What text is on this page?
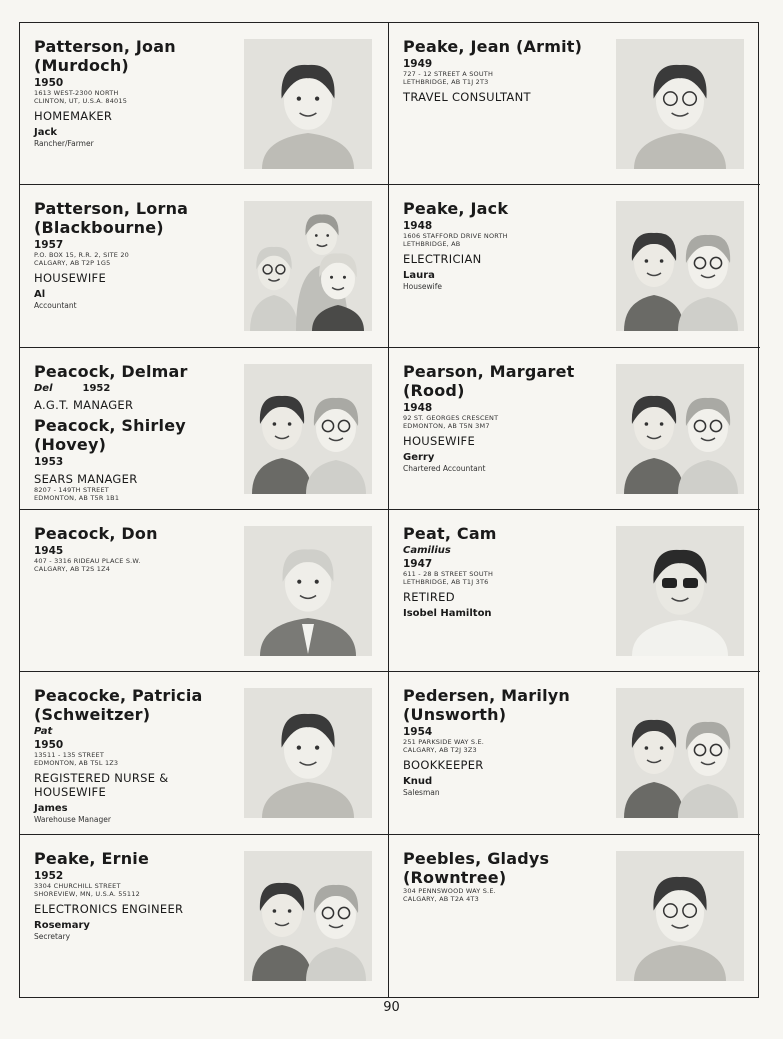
Patterson, Joan
(Murdoch)
1950
1613 WEST-2300 NORTH
CLINTON, UT, U.S.A. 84015
HOMEMAKER
Jack
Rancher/Farmer
Peake, Jean (Armit)
1949
727 - 12 STREET A SOUTH
LETHBRIDGE, AB T1J 2T3
TRAVEL CONSULTANT
Patterson, Lorna
(Blackbourne)
1957
P.O. BOX 15, R.R. 2, SITE 20
CALGARY, AB T2P 1G5
HOUSEWIFE
Al
Accountant
Peake, Jack
1948
1606 STAFFORD DRIVE NORTH
LETHBRIDGE, AB
ELECTRICIAN
Laura
Housewife
Peacock, Delmar
Del	1952
A.G.T. MANAGER
Peacock, Shirley
(Hovey)
1953
SEARS MANAGER
8207 - 149TH STREET
EDMONTON, AB T5R 1B1
Pearson, Margaret
(Rood)
1948
92 ST. GEORGES CRESCENT
EDMONTON, AB T5N 3M7
HOUSEWIFE
Gerry
Chartered Accountant
Peacock, Don
1945
407 - 3316 RIDEAU PLACE S.W.
CALGARY, AB T2S 1Z4
Peat, Cam
Camilius
1947
611 - 28 B STREET SOUTH
LETHBRIDGE, AB T1J 3T6
RETIRED
Isobel Hamilton
Peacocke, Patricia
(Schweitzer)
Pat
1950
13511 - 135 STREET
EDMONTON, AB T5L 1Z3
REGISTERED NURSE & HOUSEWIFE
James
Warehouse Manager
Pedersen, Marilyn
(Unsworth)
1954
251 PARKSIDE WAY S.E.
CALGARY, AB T2J 3Z3
BOOKKEEPER
Knud
Salesman
Peake, Ernie
1952
3304 CHURCHILL STREET
SHOREVIEW, MN, U.S.A. 55112
ELECTRONICS ENGINEER
Rosemary
Secretary
Peebles, Gladys
(Rowntree)
304 PENNSWOOD WAY S.E.
CALGARY, AB T2A 4T3
90
